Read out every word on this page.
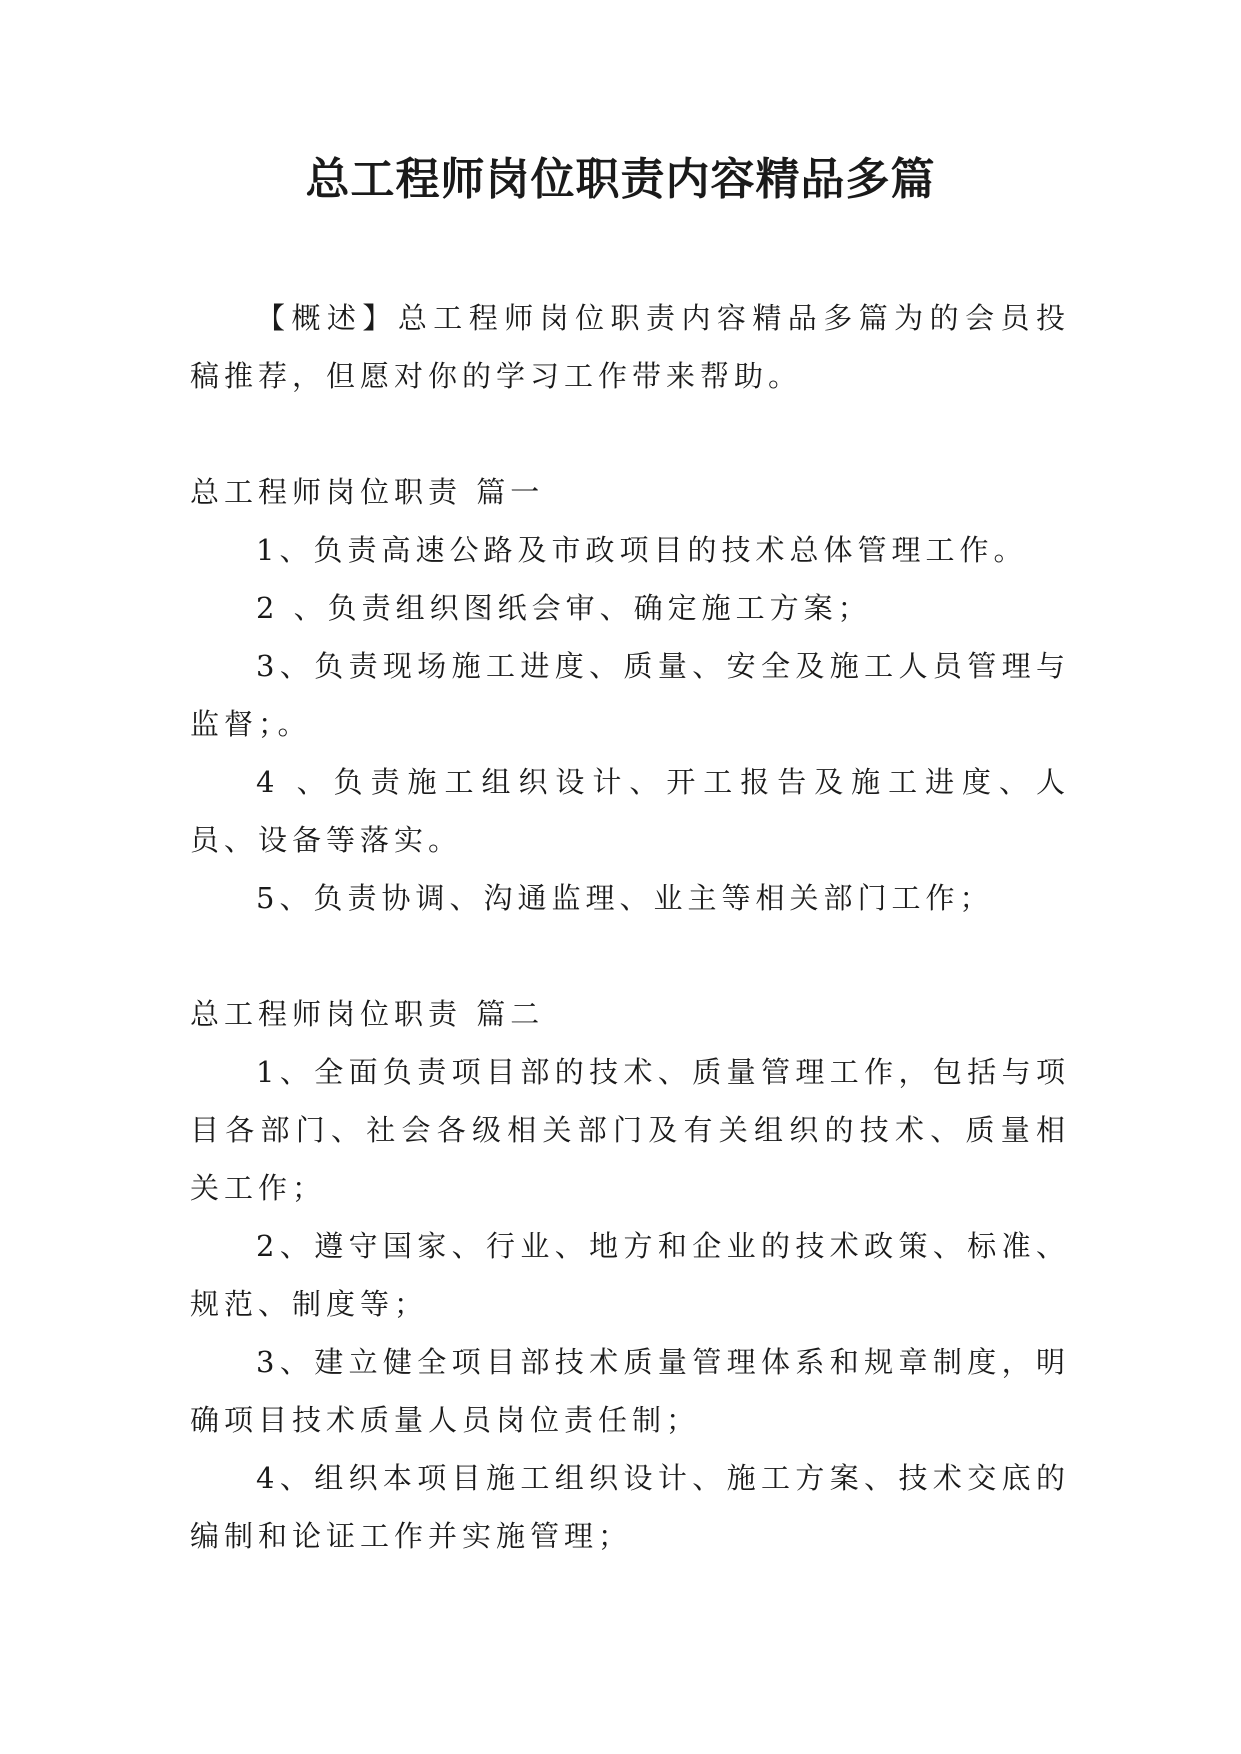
总工程师岗位职责内容精品多篇

【概述】总工程师岗位职责内容精品多篇为的会员投稿推荐，但愿对你的学习工作带来帮助。

总工程师岗位职责 篇一

1、负责高速公路及市政项目的技术总体管理工作。

2 、负责组织图纸会审、确定施工方案；

3、负责现场施工进度、质量、安全及施工人员管理与监督；。

4 、负责施工组织设计、开工报告及施工进度、人员、设备等落实。

5、负责协调、沟通监理、业主等相关部门工作；

总工程师岗位职责 篇二

1、全面负责项目部的技术、质量管理工作，包括与项目各部门、社会各级相关部门及有关组织的技术、质量相关工作；

2、遵守国家、行业、地方和企业的技术政策、标准、规范、制度等；

3、建立健全项目部技术质量管理体系和规章制度，明确项目技术质量人员岗位责任制；

4、组织本项目施工组织设计、施工方案、技术交底的编制和论证工作并实施管理；
